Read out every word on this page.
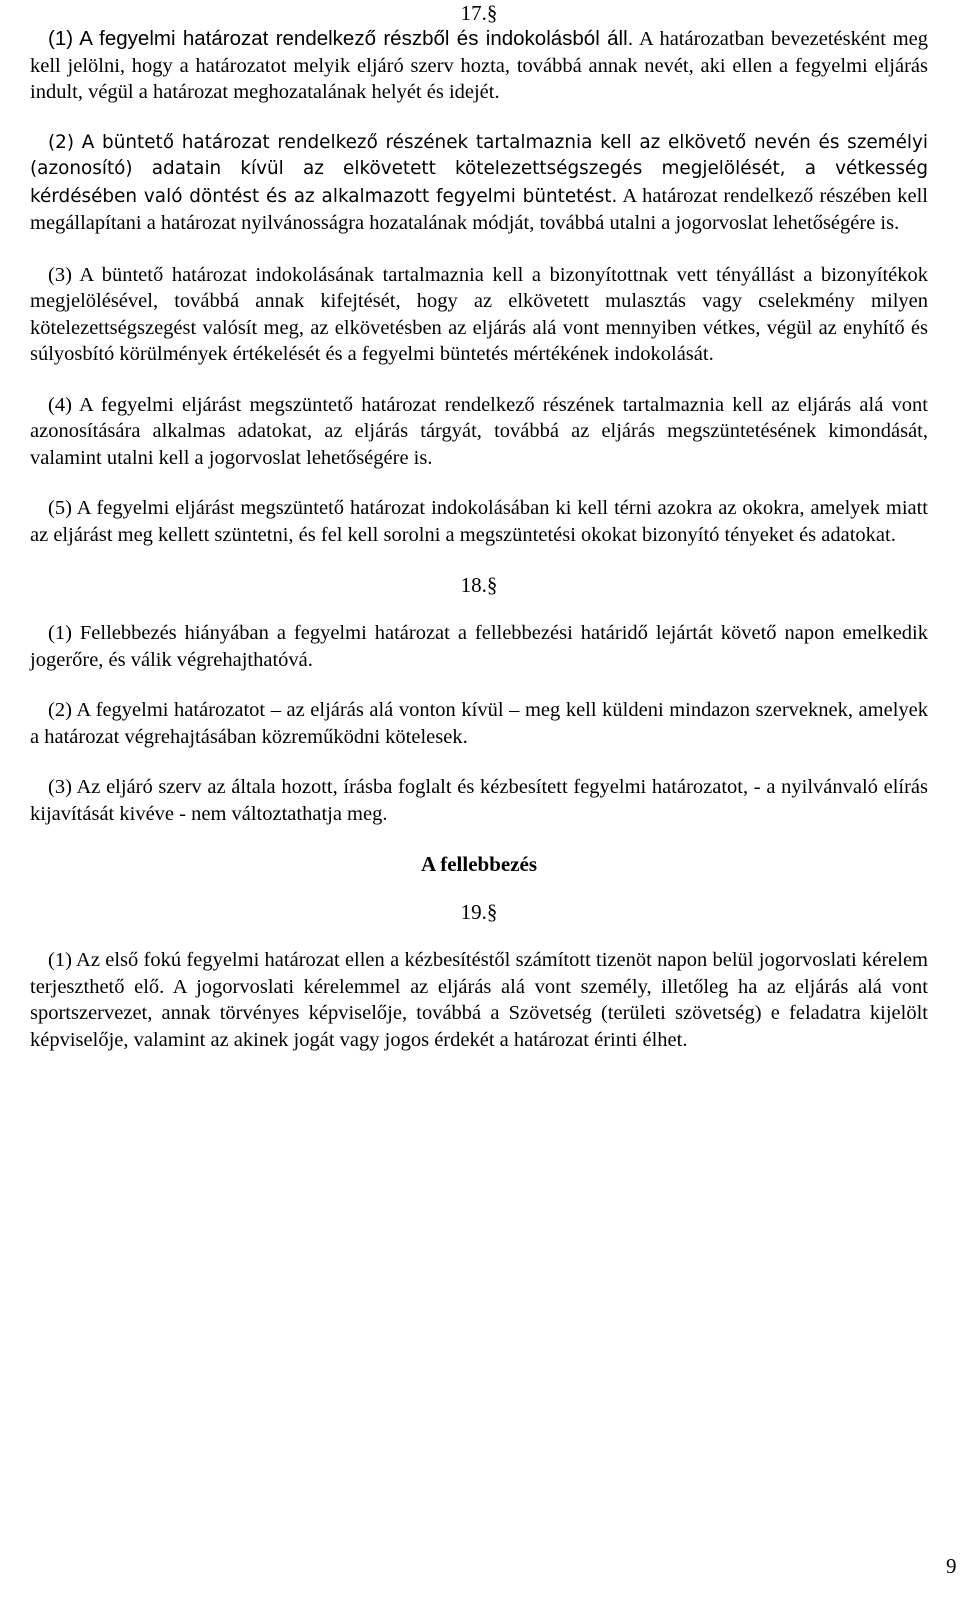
17.§

(1) A fegyelmi határozat rendelkező részből és indokolásból áll. A határozatban bevezetésként meg kell jelölni, hogy a határozatot melyik eljáró szerv hozta, továbbá annak nevét, aki ellen a fegyelmi eljárás indult, végül a határozat meghozatalának helyét és idejét.

(2) A büntető határozat rendelkező részének tartalmaznia kell az elkövető nevén és személyi (azonosító) adatain kívül az elkövetett kötelezettségszegés megjelölését, a vétkesség kérdésében való döntést és az alkalmazott fegyelmi büntetést. A határozat rendelkező részében kell megállapítani a határozat nyilvánosságra hozatalának módját, továbbá utalni a jogorvoslat lehetőségére is.

(3) A büntető határozat indokolásának tartalmaznia kell a bizonyítottnak vett tényállást a bizonyítékok megjelölésével, továbbá annak kifejtését, hogy az elkövetett mulasztás vagy cselekmény milyen kötelezettségszegést valósít meg, az elkövetésben az eljárás alá vont mennyiben vétkes, végül az enyhítő és súlyosbító körülmények értékelését és a fegyelmi büntetés mértékének indokolását.

(4) A fegyelmi eljárást megszüntető határozat rendelkező részének tartalmaznia kell az eljárás alá vont azonosítására alkalmas adatokat, az eljárás tárgyát, továbbá az eljárás megszüntetésének kimondását, valamint utalni kell a jogorvoslat lehetőségére is.

(5) A fegyelmi eljárást megszüntető határozat indokolásában ki kell térni azokra az okokra, amelyek miatt az eljárást meg kellett szüntetni, és fel kell sorolni a megszüntetési okokat bizonyító tényeket és adatokat.

18.§

(1) Fellebbezés hiányában a fegyelmi határozat a fellebbezési határidő lejártát követő napon emelkedik jogerőre, és válik végrehajthatóvá.

(2) A fegyelmi határozatot – az eljárás alá vonton kívül – meg kell küldeni mindazon szerveknek, amelyek a határozat végrehajtásában közreműködni kötelesek.

(3) Az eljáró szerv az általa hozott, írásba foglalt és kézbesített fegyelmi határozatot, - a nyilvánvaló elírás kijavítását kivéve - nem változtathatja meg.

A fellebbezés
19.§

(1) Az első fokú fegyelmi határozat ellen a kézbesítéstől számított tizenöt napon belül jogorvoslati kérelem terjeszthető elő. A jogorvoslati kérelemmel az eljárás alá vont személy, illetőleg ha az eljárás alá vont sportszervezet, annak törvényes képviselője, továbbá a Szövetség (területi szövetség) e feladatra kijelölt képviselője, valamint az akinek jogát vagy jogos érdekét a határozat érinti élhet.

9
